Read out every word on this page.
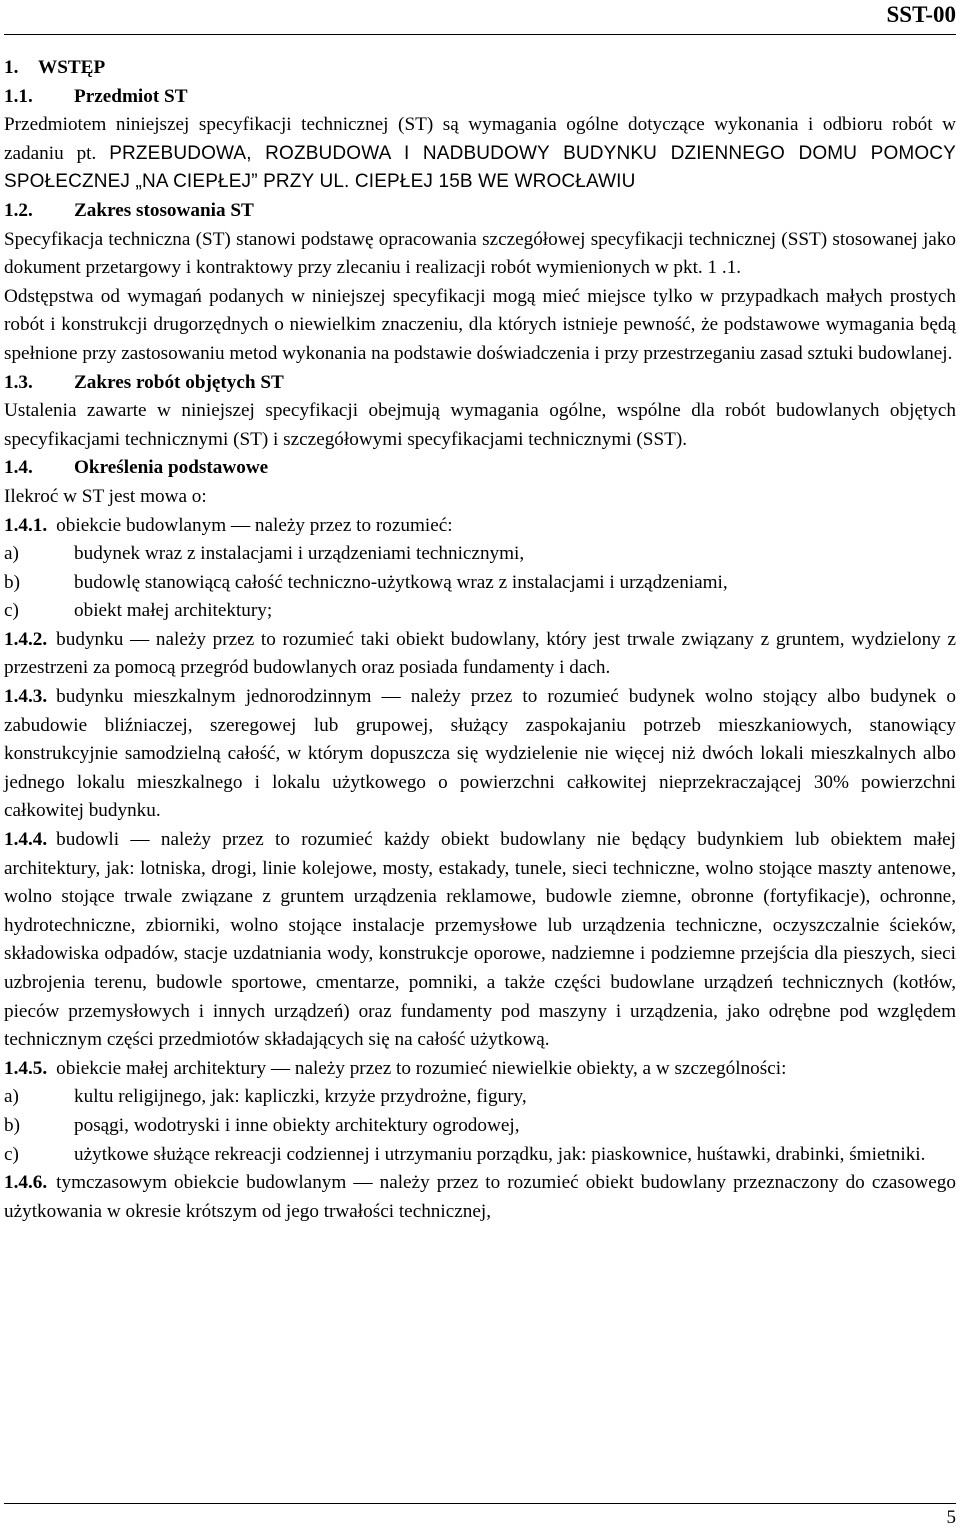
SST-00
1. WSTĘP
1.1. Przedmiot ST

Przedmiotem niniejszej specyfikacji technicznej (ST) są wymagania ogólne dotyczące wykonania i odbioru robót w zadaniu pt. PRZEBUDOWA, ROZBUDOWA I NADBUDOWY BUDYNKU DZIENNEGO DOMU POMOCY SPOŁECZNEJ „NA CIEPŁEJ” PRZY UL. CIEPŁEJ 15B WE WROCŁAWIU

1.2. Zakres stosowania ST

Specyfikacja techniczna (ST) stanowi podstawę opracowania szczegółowej specyfikacji technicznej (SST) stosowanej jako dokument przetargowy i kontraktowy przy zlecaniu i realizacji robót wymienionych w pkt. 1 .1.

Odstępstwa od wymagań podanych w niniejszej specyfikacji mogą mieć miejsce tylko w przypadkach małych prostych robót i konstrukcji drugorzędnych o niewielkim znaczeniu, dla których istnieje pewność, że podstawowe wymagania będą spełnione przy zastosowaniu metod wykonania na podstawie doświadczenia i przy przestrzeganiu zasad sztuki budowlanej.

1.3. Zakres robót objętych ST

Ustalenia zawarte w niniejszej specyfikacji obejmują wymagania ogólne, wspólne dla robót budowlanych objętych specyfikacjami technicznymi (ST) i szczegółowymi specyfikacjami technicznymi (SST).

1.4. Określenia podstawowe

Ilekroć w ST jest mowa o:

1.4.1. obiekcie budowlanym — należy przez to rozumieć:

a)	budynek wraz z instalacjami i urządzeniami technicznymi,
b)	budowlę stanowiącą całość techniczno-użytkową wraz z instalacjami i urządzeniami,
c)	obiekt małej architektury;

1.4.2. budynku — należy przez to rozumieć taki obiekt budowlany, który jest trwale związany z gruntem, wydzielony z przestrzeni za pomocą przegród budowlanych oraz posiada fundamenty i dach.

1.4.3. budynku mieszkalnym jednorodzinnym — należy przez to rozumieć budynek wolno stojący albo budynek o zabudowie bliźniaczej, szeregowej lub grupowej, służący zaspokajaniu potrzeb mieszkaniowych, stanowiący konstrukcyjnie samodzielną całość, w którym dopuszcza się wydzielenie nie więcej niż dwóch lokali mieszkalnych albo jednego lokalu mieszkalnego i lokalu użytkowego o powierzchni całkowitej nieprzekraczającej 30% powierzchni całkowitej budynku.

1.4.4. budowli — należy przez to rozumieć każdy obiekt budowlany nie będący budynkiem lub obiektem małej architektury, jak: lotniska, drogi, linie kolejowe, mosty, estakady, tunele, sieci techniczne, wolno stojące maszty antenowe, wolno stojące trwale związane z gruntem urządzenia reklamowe, budowle ziemne, obronne (fortyfikacje), ochronne, hydrotechniczne, zbiorniki, wolno stojące instalacje przemysłowe lub urządzenia techniczne, oczyszczalnie ścieków, składowiska odpadów, stacje uzdatniania wody, konstrukcje oporowe, nadziemne i podziemne przejścia dla pieszych, sieci uzbrojenia terenu, budowle sportowe, cmentarze, pomniki, a także części budowlane urządzeń technicznych (kotłów, pieców przemysłowych i innych urządzeń) oraz fundamenty pod maszyny i urządzenia, jako odrębne pod względem technicznym części przedmiotów składających się na całość użytkową.

1.4.5. obiekcie małej architektury — należy przez to rozumieć niewielkie obiekty, a w szczególności:

a)	kultu religijnego, jak: kapliczki, krzyże przydrożne, figury,
b)	posągi, wodotryski i inne obiekty architektury ogrodowej,
c)	użytkowe służące rekreacji codziennej i utrzymaniu porządku, jak: piaskownice, huśtawki, drabinki, śmietniki.

1.4.6. tymczasowym obiekcie budowlanym — należy przez to rozumieć obiekt budowlany przeznaczony do czasowego użytkowania w okresie krótszym od jego trwałości technicznej,

5
